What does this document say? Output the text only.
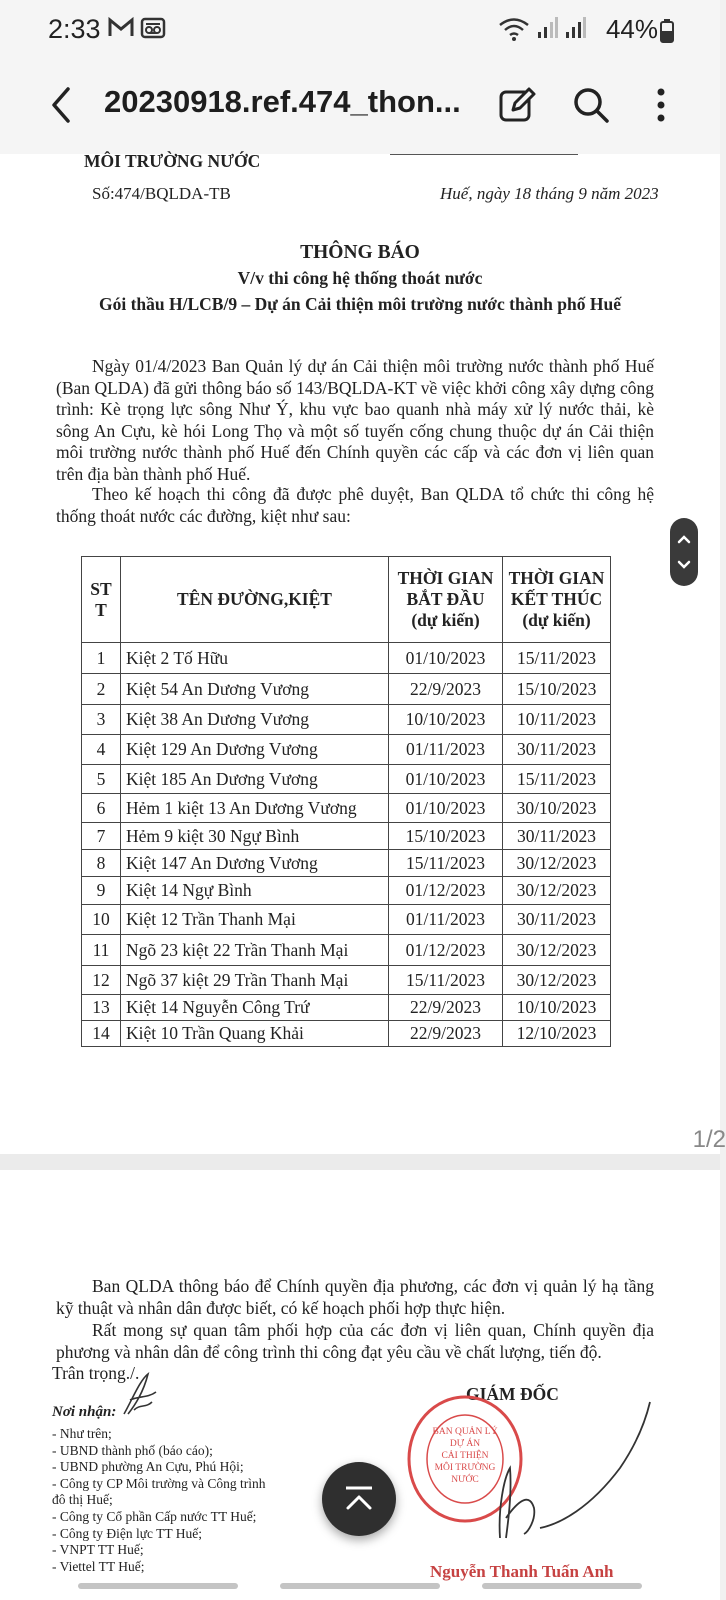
2:33	44%
20230918.ref.474_thon...
MÔI TRƯỜNG NƯỚC
Số:474/BQLDA-TB	Huế, ngày 18 tháng 9 năm 2023
THÔNG BÁO
V/v thi công hệ thống thoát nước
Gói thầu H/LCB/9 – Dự án Cải thiện môi trường nước thành phố Huế
Ngày 01/4/2023 Ban Quản lý dự án Cải thiện môi trường nước thành phố Huế (Ban QLDA) đã gửi thông báo số 143/BQLDA-KT về việc khởi công xây dựng công trình: Kè trọng lực sông Như Ý, khu vực bao quanh nhà máy xử lý nước thải, kè sông An Cựu, kè hói Long Thọ và một số tuyến cống chung thuộc dự án Cải thiện môi trường nước thành phố Huế đến Chính quyền các cấp và các đơn vị liên quan trên địa bàn thành phố Huế.
Theo kế hoạch thi công đã được phê duyệt, Ban QLDA tổ chức thi công hệ thống thoát nước các đường, kiệt như sau:
ST T	TÊN ĐƯỜNG,KIỆT	THỜI GIAN BẮT ĐẦU (dự kiến)	THỜI GIAN KẾT THÚC (dự kiến)
1	Kiệt 2 Tố Hữu	01/10/2023	15/11/2023
2	Kiệt 54 An Dương Vương	22/9/2023	15/10/2023
3	Kiệt 38 An Dương Vương	10/10/2023	10/11/2023
4	Kiệt 129 An Dương Vương	01/11/2023	30/11/2023
5	Kiệt 185 An Dương Vương	01/10/2023	15/11/2023
6	Hẻm 1 kiệt 13 An Dương Vương	01/10/2023	30/10/2023
7	Hẻm 9 kiệt 30 Ngự Bình	15/10/2023	30/11/2023
8	Kiệt 147 An Dương Vương	15/11/2023	30/12/2023
9	Kiệt 14 Ngự Bình	01/12/2023	30/12/2023
10	Kiệt 12 Trần Thanh Mại	01/11/2023	30/11/2023
11	Ngõ 23 kiệt 22 Trần Thanh Mại	01/12/2023	30/12/2023
12	Ngõ 37 kiệt 29 Trần Thanh Mại	15/11/2023	30/12/2023
13	Kiệt 14 Nguyễn Công Trứ	22/9/2023	10/10/2023
14	Kiệt 10 Trần Quang Khải	22/9/2023	12/10/2023
1/2
Ban QLDA thông báo để Chính quyền địa phương, các đơn vị quản lý hạ tầng kỹ thuật và nhân dân được biết, có kế hoạch phối hợp thực hiện.
Rất mong sự quan tâm phối hợp của các đơn vị liên quan, Chính quyền địa phương và nhân dân để công trình thi công đạt yêu cầu về chất lượng, tiến độ.
Trân trọng./.
GIÁM ĐỐC
Nơi nhận:
- Như trên;
- UBND thành phố (báo cáo);
- UBND phường An Cựu, Phú Hội;
- Công ty CP Môi trường và Công trình
đô thị Huế;
- Công ty Cổ phần Cấp nước TT Huế;
- Công ty Điện lực TT Huế;
- VNPT TT Huế;
- Viettel TT Huế;
BAN QUẢN LÝ
DỰ ÁN
CẢI THIỆN
MÔI TRƯỜNG
NƯỚC
Nguyễn Thanh Tuấn Anh
